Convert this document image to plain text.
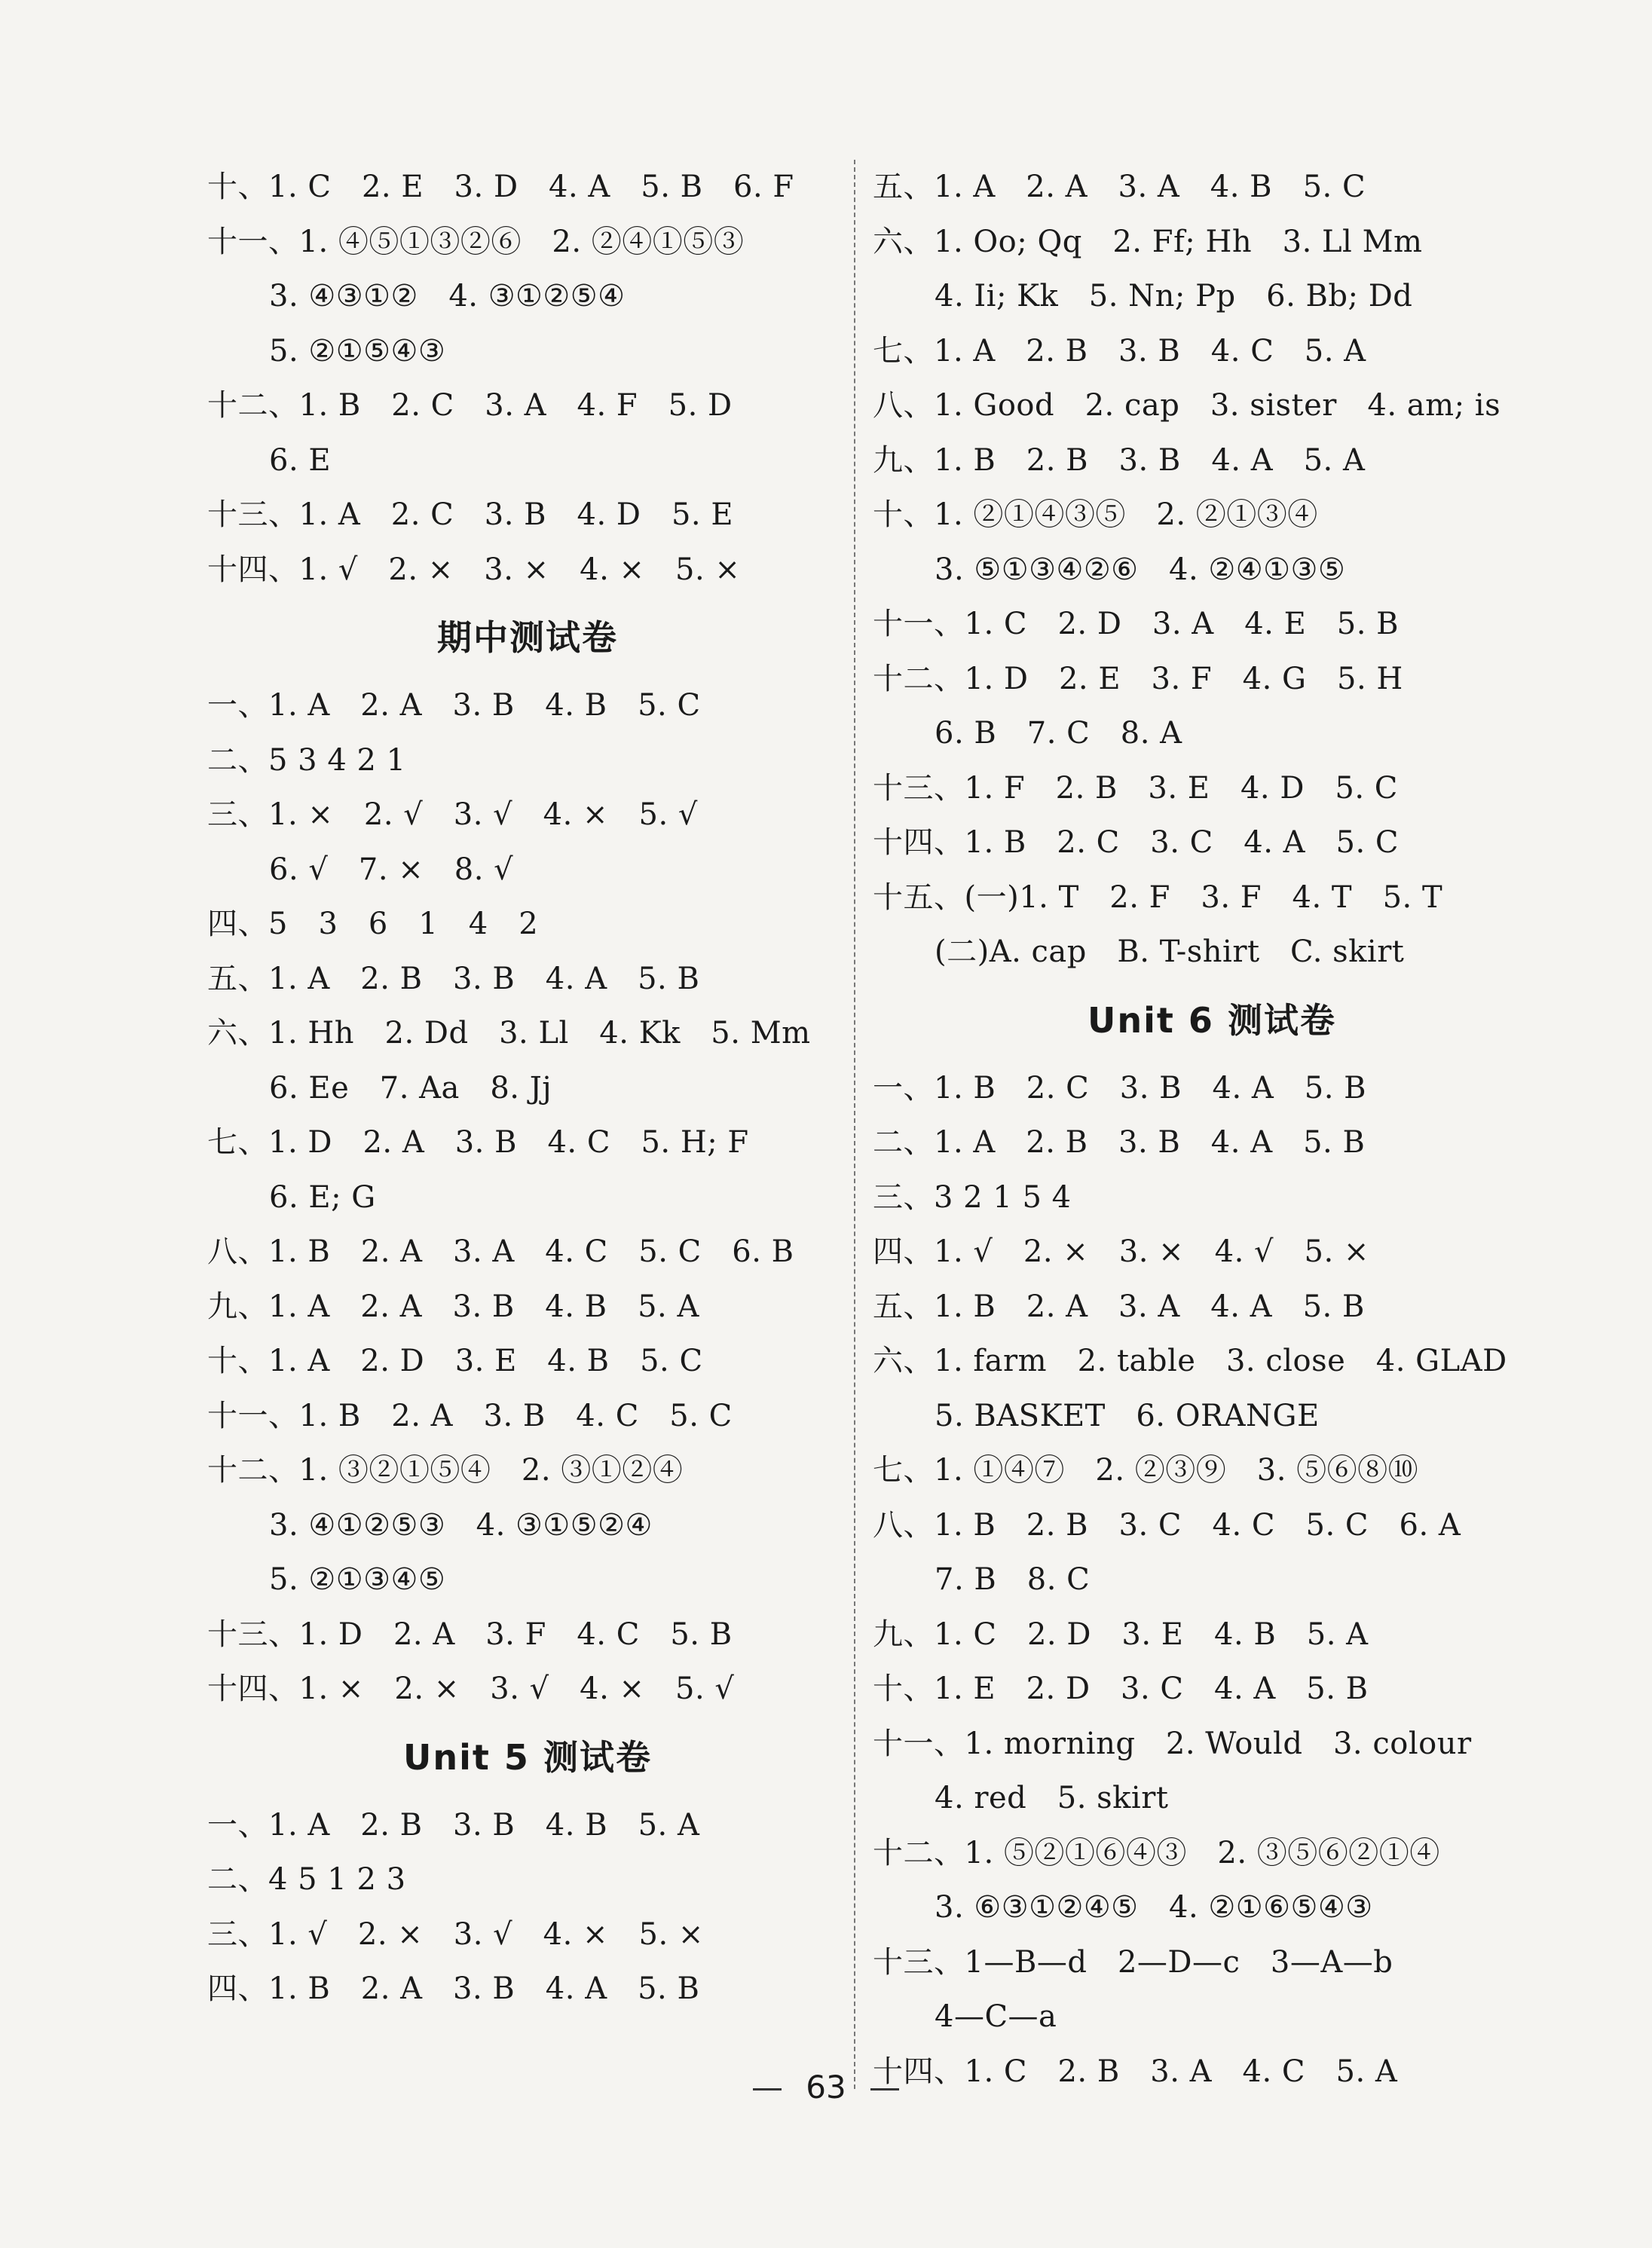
十、1. C　2. E　3. D　4. A　5. B　6. F
十一、1. ④⑤①③②⑥　2. ②④①⑤③
3. ④③①②　4. ③①②⑤④
5. ②①⑤④③
十二、1. B　2. C　3. A　4. F　5. D
6. E
十三、1. A　2. C　3. B　4. D　5. E
十四、1. √　2. ×　3. ×　4. ×　5. ×
期中测试卷
一、1. A　2. A　3. B　4. B　5. C
二、5 3 4 2 1
三、1. ×　2. √　3. √　4. ×　5. √
6. √　7. ×　8. √
四、5　3　6　1　4　2
五、1. A　2. B　3. B　4. A　5. B
六、1. Hh　2. Dd　3. Ll　4. Kk　5. Mm
6. Ee　7. Aa　8. Jj
七、1. D　2. A　3. B　4. C　5. H; F
6. E; G
八、1. B　2. A　3. A　4. C　5. C　6. B
九、1. A　2. A　3. B　4. B　5. A
十、1. A　2. D　3. E　4. B　5. C
十一、1. B　2. A　3. B　4. C　5. C
十二、1. ③②①⑤④　2. ③①②④
3. ④①②⑤③　4. ③①⑤②④
5. ②①③④⑤
十三、1. D　2. A　3. F　4. C　5. B
十四、1. ×　2. ×　3. √　4. ×　5. √
Unit 5 测试卷
一、1. A　2. B　3. B　4. B　5. A
二、4 5 1 2 3
三、1. √　2. ×　3. √　4. ×　5. ×
四、1. B　2. A　3. B　4. A　5. B
五、1. A　2. A　3. A　4. B　5. C
六、1. Oo; Qq　2. Ff; Hh　3. Ll Mm
4. Ii; Kk　5. Nn; Pp　6. Bb; Dd
七、1. A　2. B　3. B　4. C　5. A
八、1. Good　2. cap　3. sister　4. am; is
九、1. B　2. B　3. B　4. A　5. A
十、1. ②①④③⑤　2. ②①③④
3. ⑤①③④②⑥　4. ②④①③⑤
十一、1. C　2. D　3. A　4. E　5. B
十二、1. D　2. E　3. F　4. G　5. H
6. B　7. C　8. A
十三、1. F　2. B　3. E　4. D　5. C
十四、1. B　2. C　3. C　4. A　5. C
十五、(一)1. T　2. F　3. F　4. T　5. T
(二)A. cap　B. T-shirt　C. skirt
Unit 6 测试卷
一、1. B　2. C　3. B　4. A　5. B
二、1. A　2. B　3. B　4. A　5. B
三、3 2 1 5 4
四、1. √　2. ×　3. ×　4. √　5. ×
五、1. B　2. A　3. A　4. A　5. B
六、1. farm　2. table　3. close　4. GLAD
5. BASKET　6. ORANGE
七、1. ①④⑦　2. ②③⑨　3. ⑤⑥⑧⑩
八、1. B　2. B　3. C　4. C　5. C　6. A
7. B　8. C
九、1. C　2. D　3. E　4. B　5. A
十、1. E　2. D　3. C　4. A　5. B
十一、1. morning　2. Would　3. colour
4. red　5. skirt
十二、1. ⑤②①⑥④③　2. ③⑤⑥②①④
3. ⑥③①②④⑤　4. ②①⑥⑤④③
十三、1—B—d　2—D—c　3—A—b
4—C—a
十四、1. C　2. B　3. A　4. C　5. A
63
